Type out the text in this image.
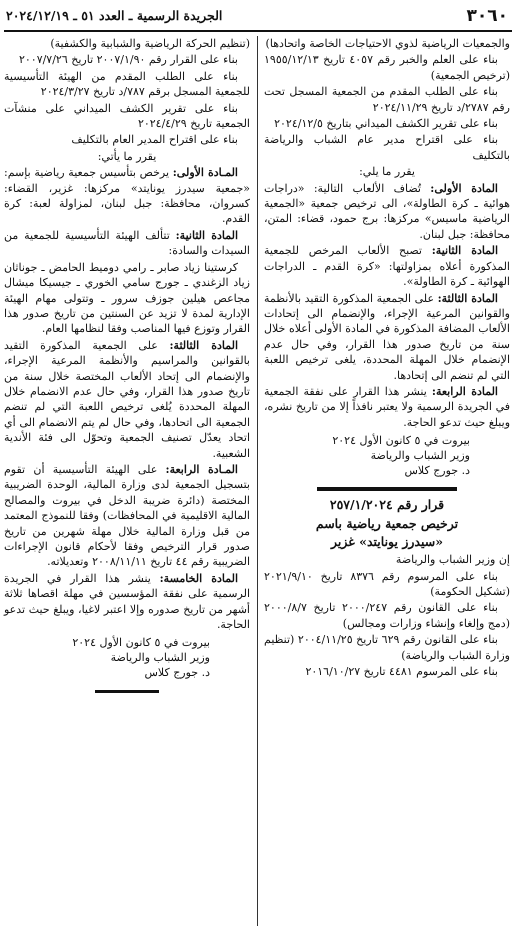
٣٠٦٠
الجريدة الرسمية ـ العدد ٥١ ـ ٢٠٢٤/١٢/١٩

والجمعيات الرياضية لذوي الاحتياجات الخاصة واتحادها)

بناء على العلم والخبر رقم ٤٠٥٧ تاريخ ١٩٥٥/١٢/١٣ (ترخيص الجمعية)

بناء على الطلب المقدم من الجمعية المسجل تحت رقم ٢٧٨٧/د تاريخ ٢٠٢٤/١١/٢٩

بناء على تقرير الكشف الميداني بتاريخ ٢٠٢٤/١٢/٥

بناء على اقتراح مدير عام الشباب والرياضة بالتكليف

يقرر ما يلي:

المادة الأولى: تُضاف الألعاب التالية: «دراجات هوائية ـ كرة الطاولة»، الى ترخيص جمعية «الجمعية الرياضية ماسيس» مركزها: برج حمود، قضاء: المتن، محافظة: جبل لبنان.

المادة الثانية: تصبح الألعاب المرخص للجمعية المذكورة أعلاه بمزاولتها: «كرة القدم ـ الدراجات الهوائية ـ كرة الطاولة».

المادة الثالثة: على الجمعية المذكورة التقيد بالأنظمة والقوانين المرعية الإجراء، والإنضمام الى إتحادات الألعاب المضافة المذكورة في المادة الأولى أعلاه خلال سنة من تاريخ صدور هذا القرار، وفي حال عدم الإنضمام خلال المهلة المحددة، يلغى ترخيص اللعبة التي لم تنضم الى إتحادها.

المادة الرابعة: ينشر هذا القرار على نفقة الجمعية في الجريدة الرسمية ولا يعتبر نافذاً إلا من تاريخ نشره، ويبلغ حيث تدعو الحاجة.

بيروت في ٥ كانون الأول ٢٠٢٤
وزير الشباب والرياضة
د. جورج كلاس

قرار رقم ٢٥٧/١/٢٠٢٤

ترخيص جمعية رياضية باسم
«سيدرز يونايتد» غزير

إن وزير الشباب والرياضة

بناء على المرسوم رقم ٨٣٧٦ تاريخ ٢٠٢١/٩/١٠ (تشكيل الحكومة)

بناء على القانون رقم ٢٠٠٠/٢٤٧ تاريخ ٢٠٠٠/٨/٧ (دمج وإلغاء وإنشاء وزارات ومجالس)

بناء على القانون رقم ٦٢٩ تاريخ ٢٠٠٤/١١/٢٥ (تنظيم وزارة الشباب والرياضة)

بناء على المرسوم ٤٤٨١ تاريخ ٢٠١٦/١٠/٢٧

(تنظيم الحركة الرياضية والشبابية والكشفية)

بناء على القرار رقم ٢٠٠٧/١/٩٠ تاريخ ٢٠٠٧/٧/٢٦

بناء على الطلب المقدم من الهيئة التأسيسية للجمعية المسجل برقم ٧٨٧/د تاريخ ٢٠٢٤/٣/٢٧

بناء على تقرير الكشف الميداني على منشآت الجمعية تاريخ ٢٠٢٤/٤/٢٩

بناء على اقتراح المدير العام بالتكليف

يقرر ما يأتي:

المـادة الأولى: يرخص بتأسيس جمعية رياضية بإسم: «جمعية سيدرز يونايتد» مركزها: غزير، القضاء: كسروان، محافظة: جبل لبنان، لمزاولة لعبة: كرة القدم.

المادة الثانية: تتألف الهيئة التأسيسية للجمعية من السيدات والسادة:

كرستينا زياد صابر ـ رامي دوميط الحامض ـ جوناثان زياد الزغندي ـ جورج سامي الخوري ـ جيسيكا ميشال مجاعص هيلين جوزف سرور ـ وتتولى مهام الهيئة الإدارية لمدة لا تزيد عن السنتين من تاريخ صدور هذا القرار وتوزع فيها المناصب وفقا لنظامها العام.

المادة الثالثة: على الجمعية المذكورة التقيد بالقوانين والمراسيم والأنظمة المرعية الإجراء، والإنضمام الى إتحاد الألعاب المختصة خلال سنة من تاريخ صدور هذا القرار، وفي حال عدم الانضمام خلال المهلة المحددة يُلغى ترخيص اللعبة التي لم تنضم الجمعية الى اتحادها، وفي حال لم يتم الانضمام الى أي اتحاد يعدّل تصنيف الجمعية وتحوّل الى فئة الأندية الشعبية.

المـادة الرابعة: على الهيئة التأسيسية أن تقوم بتسجيل الجمعية لدى وزارة المالية، الوحدة الضريبية المختصة (دائرة ضريبة الدخل في بيروت والمصالح المالية الاقليمية في المحافظات) وفقا للنموذج المعتمد من قبل وزارة المالية خلال مهلة شهرين من تاريخ صدور قرار الترخيص وفقا لأحكام قانون الإجراءات الضريبية رقم ٤٤ تاريخ ٢٠٠٨/١١/١١ وتعديلاته.

المادة الخامسة: ينشر هذا القرار في الجريدة الرسمية على نفقة المؤسسين في مهلة اقصاها ثلاثة أشهر من تاريخ صدوره وإلا اعتبر لاغيا، ويبلغ حيث تدعو الحاجة.

بيروت في ٥ كانون الأول ٢٠٢٤
وزير الشباب والرياضة
د. جورج كلاس
